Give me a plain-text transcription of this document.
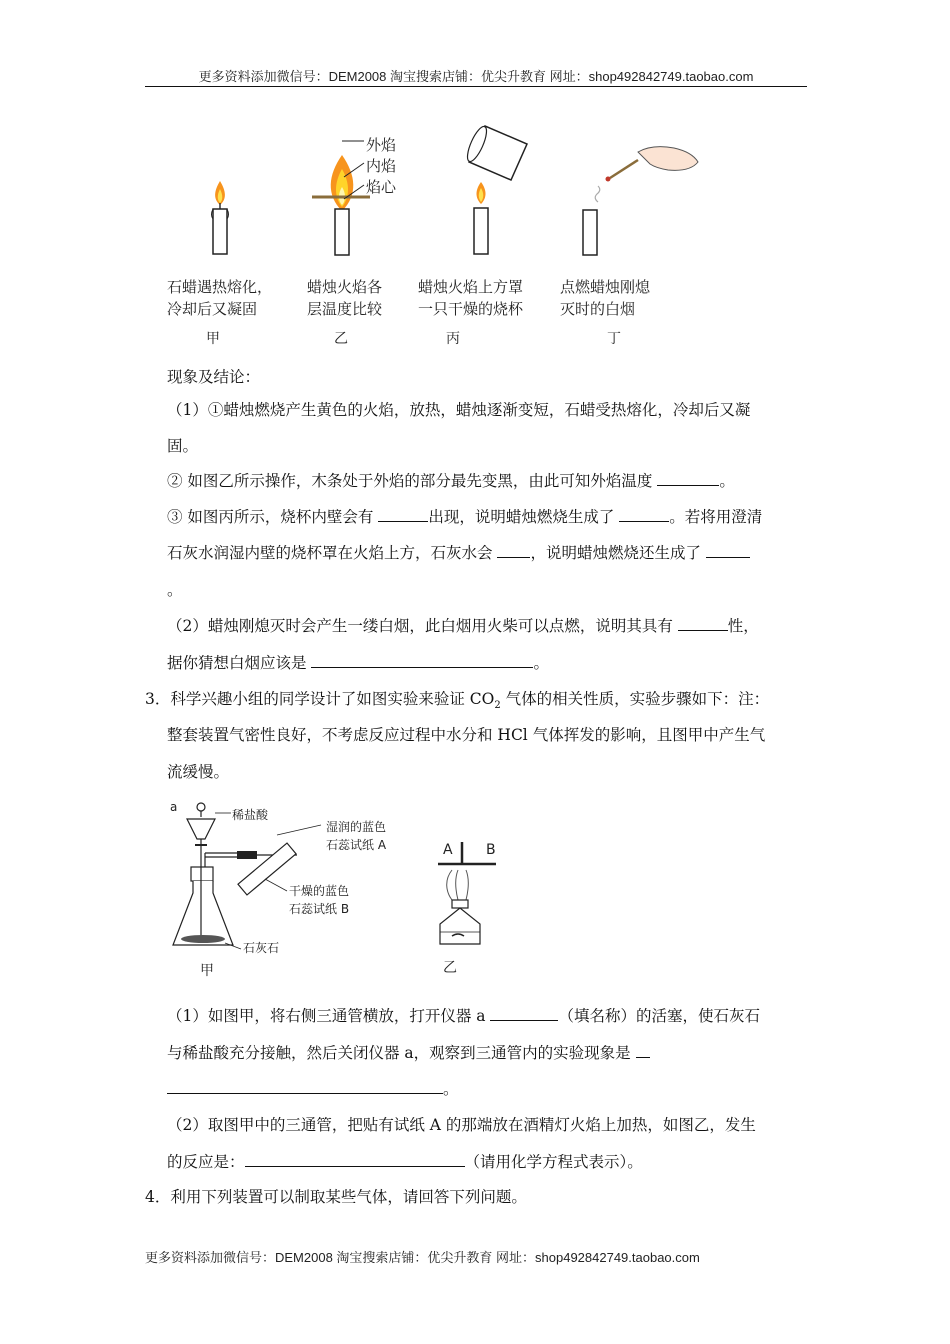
更多资料添加微信号：DEM2008 淘宝搜索店铺：优尖升教育 网址：shop492842749.taobao.com
外焰
内焰
焰心
石蜡遇热熔化，
冷却后又凝固
蜡烛火焰各
层温度比较
蜡烛火焰上方罩
一只干燥的烧杯
点燃蜡烛刚熄
灭时的白烟
甲	乙	丙	丁
现象及结论：
（1）①蜡烛燃烧产生黄色的火焰，放热，蜡烛逐渐变短，石蜡受热熔化，冷却后又凝
固。
② 如图乙所示操作，木条处于外焰的部分最先变黑，由此可知外焰温度	。
③ 如图丙所示，烧杯内壁会有	出现，说明蜡烛燃烧生成了	。若将用澄清
石灰水润湿内壁的烧杯罩在火焰上方，石灰水会 ，说明蜡烛燃烧还生成了
。
（2）蜡烛刚熄灭时会产生一缕白烟，此白烟用火柴可以点燃，说明其具有	性，
据你猜想白烟应该是	。
3．科学兴趣小组的同学设计了如图实验来验证 $CO_2$ 气体的相关性质，实验步骤如下：注：
整套装置气密性良好，不考虑反应过程中水分和 HCl 气体挥发的影响，且图甲中产生气
流缓慢。
a
稀盐酸
湿润的蓝色
石蕊试纸 A
干燥的蓝色
石蕊试纸 B
石灰石
甲
A B
乙
（1）如图甲，将右侧三通管横放，打开仪器 a	（填名称）的活塞，使石灰石
与稀盐酸充分接触，然后关闭仪器 a，观察到三通管内的实验现象是
。
（2）取图甲中的三通管，把贴有试纸 A 的那端放在酒精灯火焰上加热，如图乙，发生
的反应是：	（请用化学方程式表示）。
4．利用下列装置可以制取某些气体，请回答下列问题。
更多资料添加微信号：DEM2008 淘宝搜索店铺：优尖升教育 网址：shop492842749.taobao.com
